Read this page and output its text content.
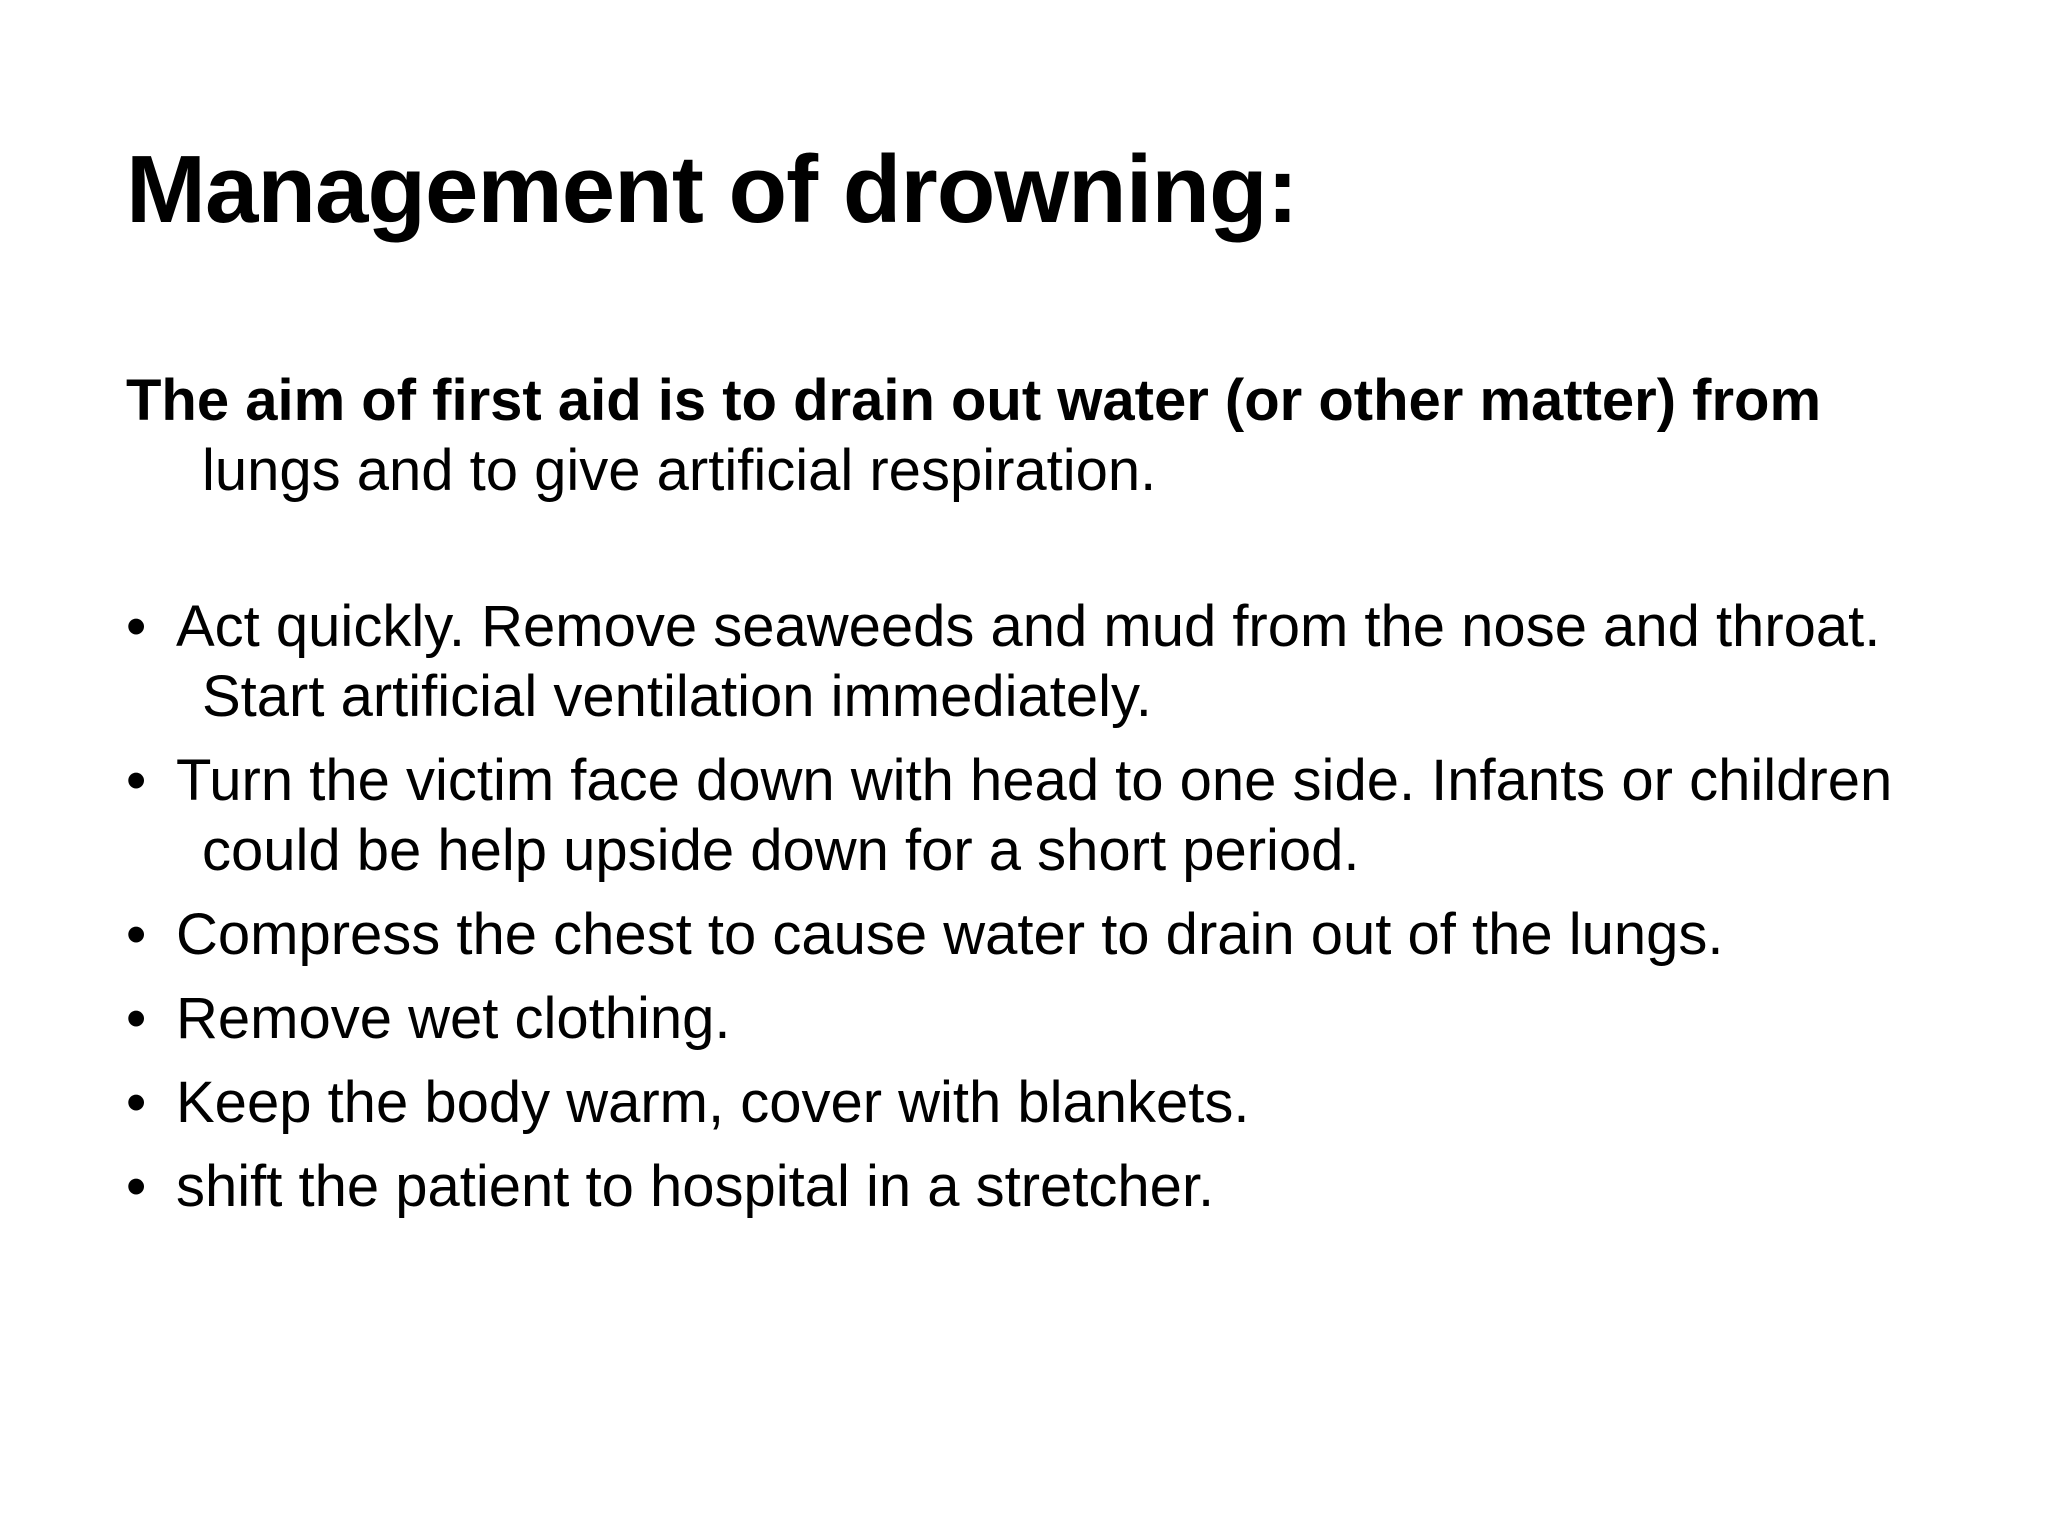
Management of drowning:

The aim of first aid is to drain out water (or other matter) from lungs and to give artificial respiration.

• Act quickly. Remove seaweeds and mud from the nose and throat. Start artificial ventilation immediately.
• Turn the victim face down with head to one side. Infants or children could be help upside down for a short period.
• Compress the chest to cause water to drain out of the lungs.
• Remove wet clothing.
• Keep the body warm, cover with blankets.
• shift the patient to hospital in a stretcher.
